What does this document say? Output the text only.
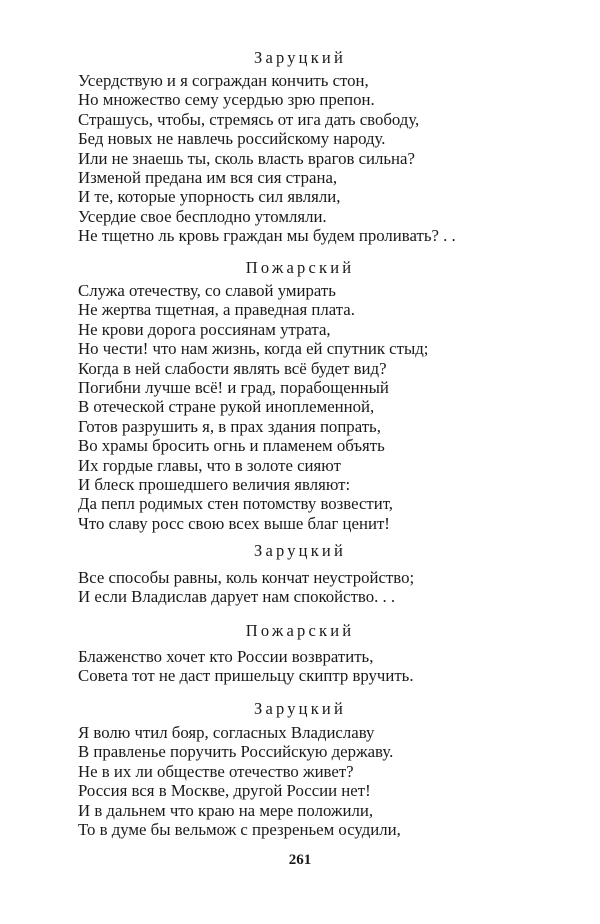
Заруцкий
Усердствую и я сограждан кончить стон,
Но множество сему усердью зрю препон.
Страшусь, чтобы, стремясь от ига дать свободу,
Бед новых не навлечь российскому народу.
Или не знаешь ты, сколь власть врагов сильна?
Изменой предана им вся сия страна,
И те, которые упорность сил являли,
Усердие свое бесплодно утомляли.
Не тщетно ль кровь граждан мы будем проливать? . .
Пожарский
Служа отечеству, со славой умирать
Не жертва тщетная, а праведная плата.
Не крови дорога россиянам утрата,
Но чести! что нам жизнь, когда ей спутник стыд;
Когда в ней слабости являть всё будет вид?
Погибни лучше всё! и град, порабощенный
В отеческой стране рукой иноплеменной,
Готов разрушить я, в прах здания попрать,
Во храмы бросить огнь и пламенем объять
Их гордые главы, что в золоте сияют
И блеск прошедшего величия являют:
Да пепл родимых стен потомству возвестит,
Что славу росс свою всех выше благ ценит!
Заруцкий
Все способы равны, коль кончат неустройство;
И если Владислав дарует нам спокойство. . .
Пожарский
Блаженство хочет кто России возвратить,
Совета тот не даст пришельцу скиптр вручить.
Заруцкий
Я волю чтил бояр, согласных Владиславу
В правленье поручить Российскую державу.
Не в их ли обществе отечество живет?
Россия вся в Москве, другой России нет!
И в дальнем что краю на мере положили,
То в думе бы вельмож с презреньем осудили,
261
